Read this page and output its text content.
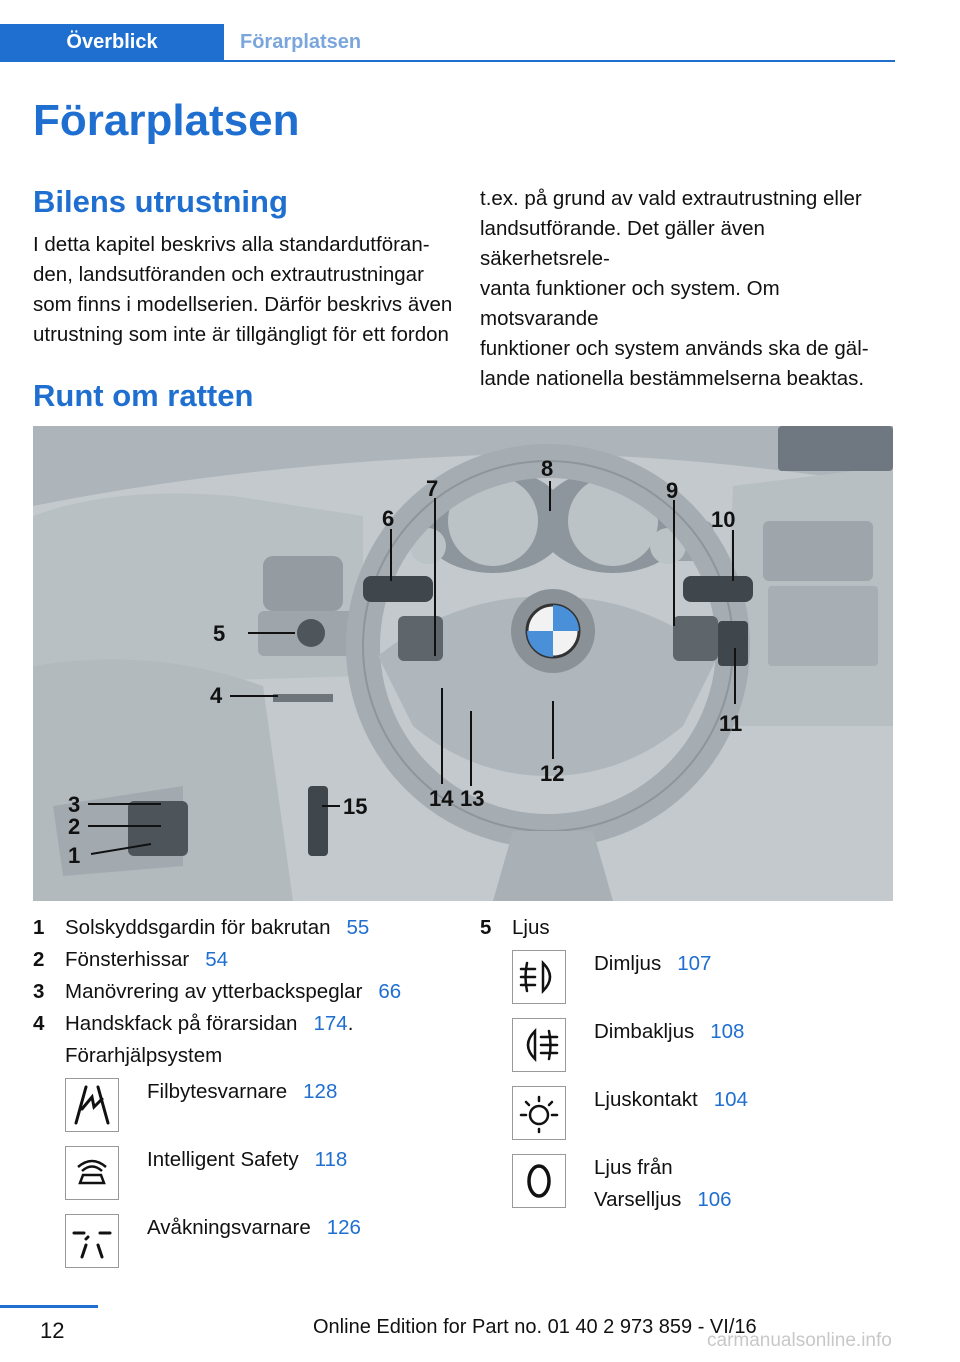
Överblick	Förarplatsen
Förarplatsen
Bilens utrustning

I detta kapitel beskrivs alla standardutföran-

den, landsutföranden och extrautrustningar

som finns i modellserien. Därför beskrivs även

utrustning som inte är tillgängligt för ett fordon

t.ex. på grund av vald extrautrustning eller

landsutförande. Det gäller även säkerhetsrele-

vanta funktioner och system. Om motsvarande

funktioner och system används ska de gäl-

lande nationella bestämmelserna beaktas.

Runt om ratten
1
2
3
4
5
6
7
8
9
10
11
12
13
14
15
1	Solskyddsgardin för bakrutan 55
2	Fönsterhissar 54
3	Manövrering av ytterbackspeglar 66
4	Handskfack på förarsidan 174 .
Förarhjälpsystem
Filbytesvarnare 128
Intelligent Safety 118
Avåkningsvarnare 126
5	Ljus
Dimljus 107
Dimbakljus 108
Ljuskontakt 104
Ljus från
Varselljus 106
12	Online Edition for Part no. 01 40 2 973 859 - VI/16
carmanualsonline.info
